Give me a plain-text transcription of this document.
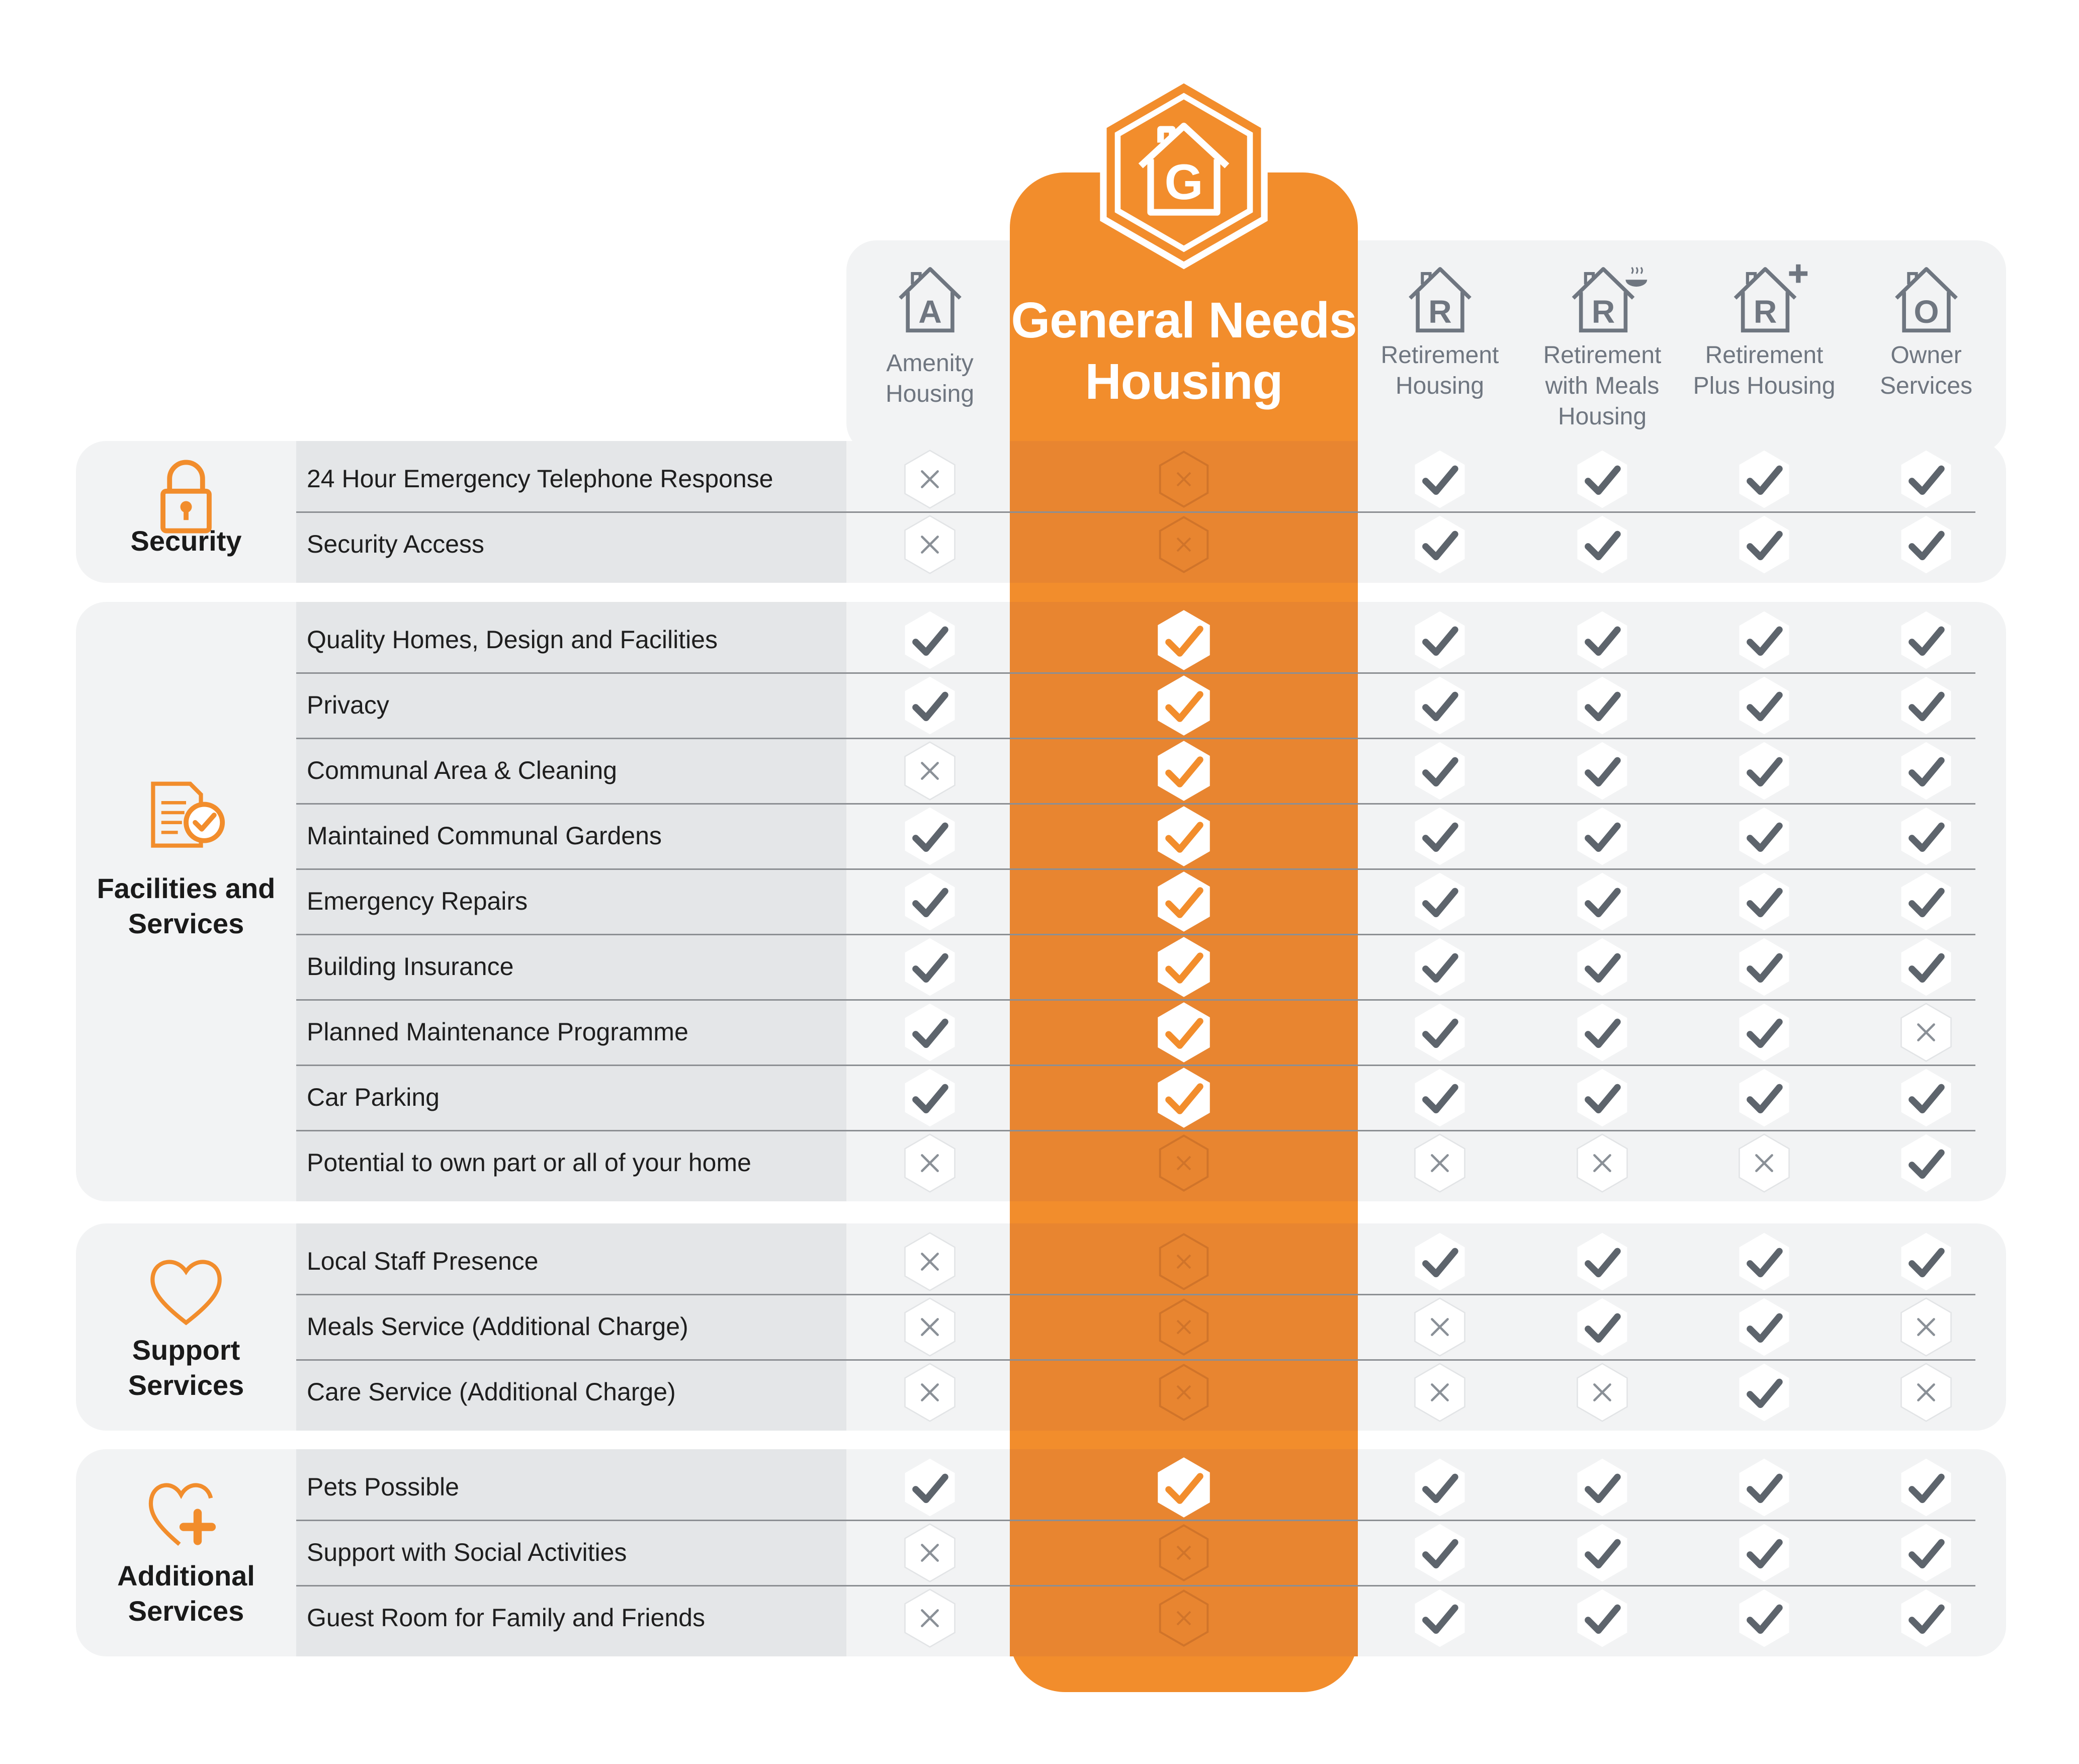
24 Hour Emergency Telephone Response
Security Access
Security
Quality Homes, Design and Facilities
Privacy
Communal Area & Cleaning
Maintained Communal Gardens
Emergency Repairs
Building Insurance
Planned Maintenance Programme
Car Parking
Potential to own part or all of your home
Facilities and Services
Local Staff Presence
Meals Service (Additional Charge)
Care Service (Additional Charge)
Support Services
Pets Possible
Support with Social Activities
Guest Room for Family and Friends
Additional Services
A
Amenity Housing
G
General Needs Housing
R
Retirement Housing
R
Retirement with Meals Housing
R
Retirement Plus Housing
O
Owner Services
